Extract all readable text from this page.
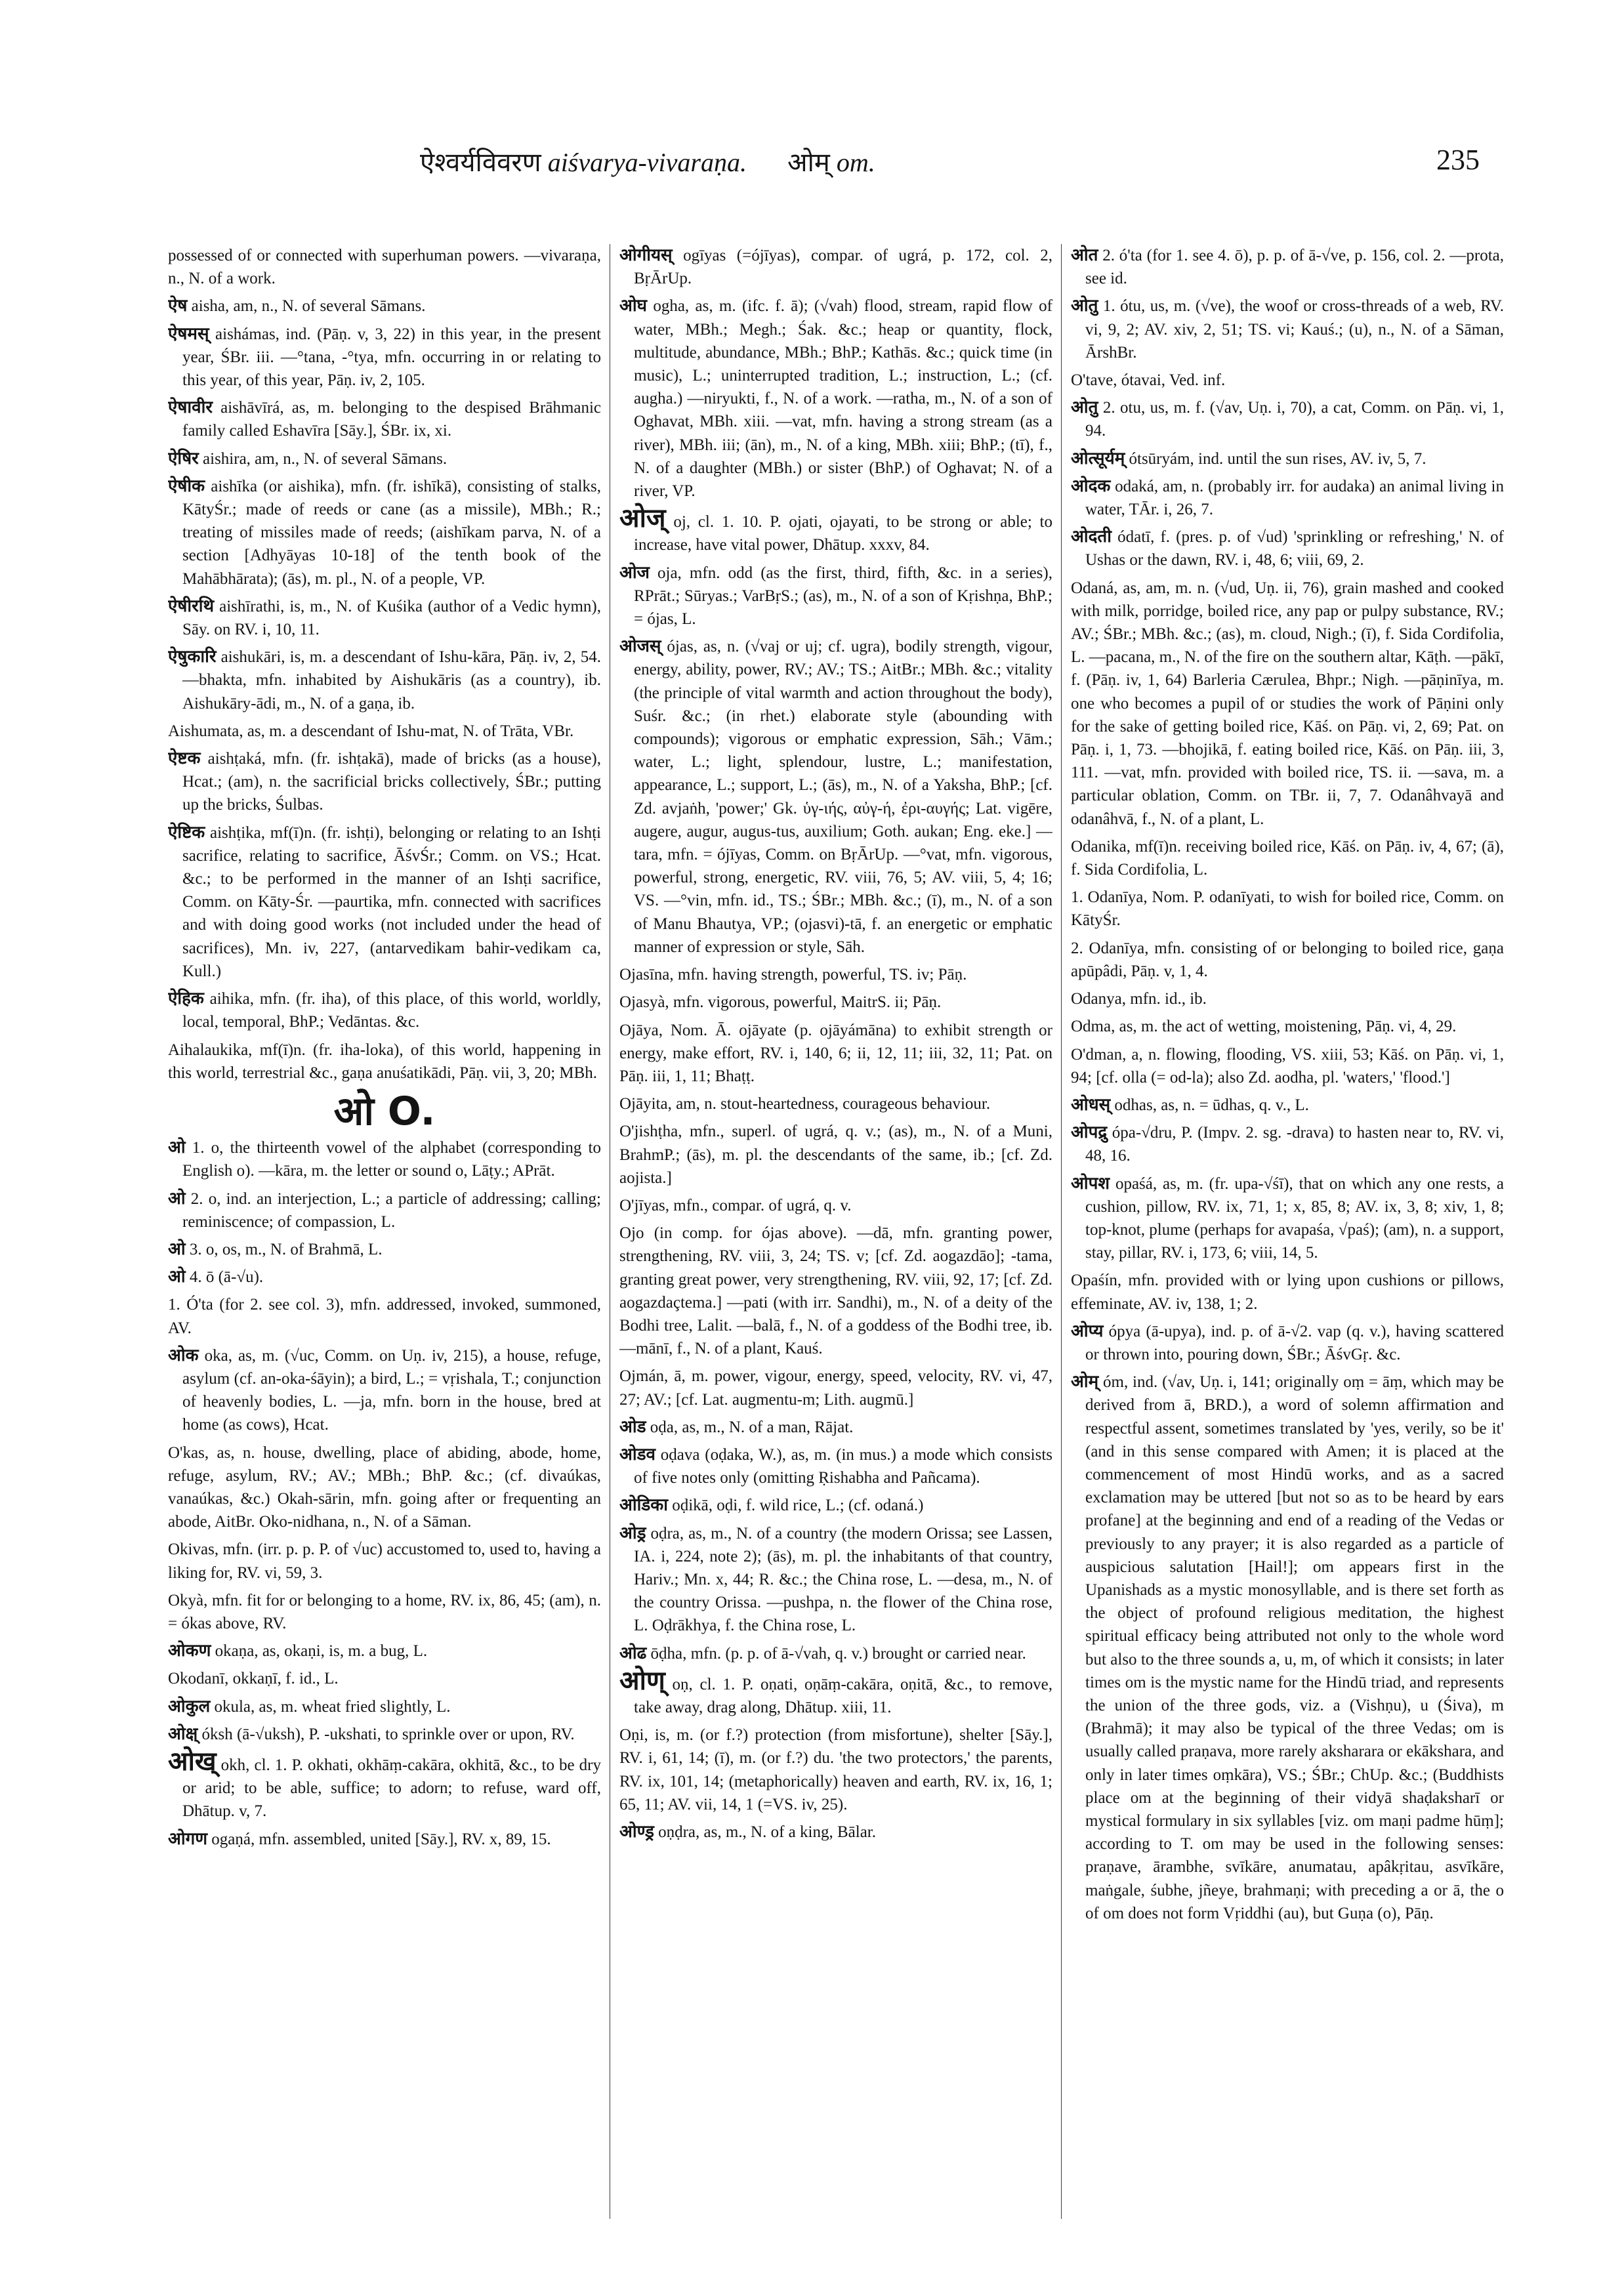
ऐश्वर्यविवरण aiśvarya-vivaraṇa. ओम् om.	235
possessed of or connected with superhuman powers. —vivaraṇa, n., N. of a work.
ऐष aisha, am, n., N. of several Sāmans.
ऐषमस् aishámas, ind. (Pāṇ. v, 3, 22) in this year, in the present year, ŚBr. iii. —°tana, -°tya, mfn. occurring in or relating to this year, of this year, Pāṇ. iv, 2, 105.
ऐषावीर aishāvīrá, as, m. belonging to the despised Brāhmanic family called Eshavīra [Sāy.], ŚBr. ix, xi.
ऐषिर aishira, am, n., N. of several Sāmans.
ऐषीक aishīka (or aishika), mfn. (fr. ishīkā), consisting of stalks, KātyŚr.; made of reeds or cane (as a missile), MBh.; R.; treating of missiles made of reeds; (aishīkam parva, N. of a section [Adhyāyas 10-18] of the tenth book of the Mahābhārata); (ās), m. pl., N. of a people, VP.
ऐषीरथि aishīrathi, is, m., N. of Kuśika (author of a Vedic hymn), Sāy. on RV. i, 10, 11.
ऐषुकारि aishukāri, is, m. a descendant of Ishu-kāra, Pāṇ. iv, 2, 54. —bhakta, mfn. inhabited by Aishukāris (as a country), ib. Aishukāry-ādi, m., N. of a gaṇa, ib.
Aishumata, as, m. a descendant of Ishu-mat, N. of Trāta, VBr.
ऐष्टक aishṭaká, mfn. (fr. ishṭakā), made of bricks (as a house), Hcat.; (am), n. the sacrificial bricks collectively, ŚBr.; putting up the bricks, Śulbas.
ऐष्टिक aishṭika, mf(ī)n. (fr. ishṭi), belonging or relating to an Ishṭi sacrifice, relating to sacrifice, ĀśvŚr.; Comm. on VS.; Hcat. &c.; to be performed in the manner of an Ishṭi sacrifice, Comm. on Kāty-Śr. —paurtika, mfn. connected with sacrifices and with doing good works (not included under the head of sacrifices), Mn. iv, 227, (antarvedikam bahir-vedikam ca, Kull.)
ऐहिक aihika, mfn. (fr. iha), of this place, of this world, worldly, local, temporal, BhP.; Vedāntas. &c.
Aihalaukika, mf(ī)n. (fr. iha-loka), of this world, happening in this world, terrestrial &c., gaṇa anuśatikādi, Pāṇ. vii, 3, 20; MBh.
ओ O.
ओ 1. o, the thirteenth vowel of the alphabet (corresponding to English o). —kāra, m. the letter or sound o, Lāṭy.; APrāt.
ओ 2. o, ind. an interjection, L.; a particle of addressing; calling; reminiscence; of compassion, L.
ओ 3. o, os, m., N. of Brahmā, L.
ओ 4. ō (ā-√u).
1. Ó'ta (for 2. see col. 3), mfn. addressed, invoked, summoned, AV.
ओक oka, as, m. (√uc, Comm. on Uṇ. iv, 215), a house, refuge, asylum (cf. an-oka-śāyin); a bird, L.; = vṛishala, T.; conjunction of heavenly bodies, L. —ja, mfn. born in the house, bred at home (as cows), Hcat.
O'kas, as, n. house, dwelling, place of abiding, abode, home, refuge, asylum, RV.; AV.; MBh.; BhP. &c.; (cf. divaúkas, vanaúkas, &c.) Okah-sārin, mfn. going after or frequenting an abode, AitBr. Oko-nidhana, n., N. of a Sāman.
Okivas, mfn. (irr. p. p. P. of √uc) accustomed to, used to, having a liking for, RV. vi, 59, 3.
Okyà, mfn. fit for or belonging to a home, RV. ix, 86, 45; (am), n. = ókas above, RV.
ओकण okaṇa, as, okaṇi, is, m. a bug, L.
Okodanī, okkaṇī, f. id., L.
ओकुल okula, as, m. wheat fried slightly, L.
ओक्ष् óksh (ā-√uksh), P. -ukshati, to sprinkle over or upon, RV.
ओख् okh, cl. 1. P. okhati, okhāṃ-cakāra, okhitā, &c., to be dry or arid; to be able, suffice; to adorn; to refuse, ward off, Dhātup. v, 7.
ओगण ogaṇá, mfn. assembled, united [Sāy.], RV. x, 89, 15.
ओगीयस् ogīyas (=ójīyas), compar. of ugrá, p. 172, col. 2, BṛĀrUp.
ओघ ogha, as, m. (ifc. f. ā); (√vah) flood, stream, rapid flow of water, MBh.; Megh.; Śak. &c.; heap or quantity, flock, multitude, abundance, MBh.; BhP.; Kathās. &c.; quick time (in music), L.; uninterrupted tradition, L.; instruction, L.; (cf. augha.) —niryukti, f., N. of a work. —ratha, m., N. of a son of Oghavat, MBh. xiii. —vat, mfn. having a strong stream (as a river), MBh. iii; (ān), m., N. of a king, MBh. xiii; BhP.; (tī), f., N. of a daughter (MBh.) or sister (BhP.) of Oghavat; N. of a river, VP.
ओज् oj, cl. 1. 10. P. ojati, ojayati, to be strong or able; to increase, have vital power, Dhātup. xxxv, 84.
ओज oja, mfn. odd (as the first, third, fifth, &c. in a series), RPrāt.; Sūryas.; VarBṛS.; (as), m., N. of a son of Kṛishṇa, BhP.; = ójas, L.
ओजस् ójas, as, n. (√vaj or uj; cf. ugra), bodily strength, vigour, energy, ability, power, RV.; AV.; TS.; AitBr.; MBh. &c.; vitality (the principle of vital warmth and action throughout the body), Suśr. &c.; (in rhet.) elaborate style (abounding with compounds); vigorous or emphatic expression, Sāh.; Vām.; water, L.; light, splendour, lustre, L.; manifestation, appearance, L.; support, L.; (ās), m., N. of a Yaksha, BhP.; [cf. Zd. avjaṅh, 'power;' Gk. ὑγ-ιής, αὐγ-ή, ἐρι-αυγής; Lat. vigēre, augere, augur, augus-tus, auxilium; Goth. aukan; Eng. eke.] —tara, mfn. = ójīyas, Comm. on BṛĀrUp. —°vat, mfn. vigorous, powerful, strong, energetic, RV. viii, 76, 5; AV. viii, 5, 4; 16; VS. —°vin, mfn. id., TS.; ŚBr.; MBh. &c.; (ī), m., N. of a son of Manu Bhautya, VP.; (ojasvi)-tā, f. an energetic or emphatic manner of expression or style, Sāh.
Ojasīna, mfn. having strength, powerful, TS. iv; Pāṇ.
Ojasyà, mfn. vigorous, powerful, MaitrS. ii; Pāṇ.
Ojāya, Nom. Ā. ojāyate (p. ojāyámāna) to exhibit strength or energy, make effort, RV. i, 140, 6; ii, 12, 11; iii, 32, 11; Pat. on Pāṇ. iii, 1, 11; Bhaṭṭ.
Ojāyita, am, n. stout-heartedness, courageous behaviour.
O'jishṭha, mfn., superl. of ugrá, q. v.; (as), m., N. of a Muni, BrahmP.; (ās), m. pl. the descendants of the same, ib.; [cf. Zd. aojista.]
O'jīyas, mfn., compar. of ugrá, q. v.
Ojo (in comp. for ójas above). —dā, mfn. granting power, strengthening, RV. viii, 3, 24; TS. v; [cf. Zd. aogazdāo]; -tama, granting great power, very strengthening, RV. viii, 92, 17; [cf. Zd. aogazdaçtema.] —pati (with irr. Sandhi), m., N. of a deity of the Bodhi tree, Lalit. —balā, f., N. of a goddess of the Bodhi tree, ib. —mānī, f., N. of a plant, Kauś.
Ojmán, ā, m. power, vigour, energy, speed, velocity, RV. vi, 47, 27; AV.; [cf. Lat. augmentu-m; Lith. augmū.]
ओड oḍa, as, m., N. of a man, Rājat.
ओडव oḍava (oḍaka, W.), as, m. (in mus.) a mode which consists of five notes only (omitting Ṛishabha and Pañcama).
ओडिका oḍikā, oḍi, f. wild rice, L.; (cf. odaná.)
ओड्र oḍra, as, m., N. of a country (the modern Orissa; see Lassen, IA. i, 224, note 2); (ās), m. pl. the inhabitants of that country, Hariv.; Mn. x, 44; R. &c.; the China rose, L. —desa, m., N. of the country Orissa. —pushpa, n. the flower of the China rose, L. Oḍrākhya, f. the China rose, L.
ओढ ōḍha, mfn. (p. p. of ā-√vah, q. v.) brought or carried near.
ओण् oṇ, cl. 1. P. oṇati, oṇāṃ-cakāra, oṇitā, &c., to remove, take away, drag along, Dhātup. xiii, 11.
Oṇi, is, m. (or f.?) protection (from misfortune), shelter [Sāy.], RV. i, 61, 14; (ī), m. (or f.?) du. 'the two protectors,' the parents, RV. ix, 101, 14; (metaphorically) heaven and earth, RV. ix, 16, 1; 65, 11; AV. vii, 14, 1 (=VS. iv, 25).
ओण्ड्र oṇḍra, as, m., N. of a king, Bālar.
ओत 2. ó'ta (for 1. see 4. ō), p. p. of ā-√ve, p. 156, col. 2. —prota, see id.
ओतु 1. ótu, us, m. (√ve), the woof or cross-threads of a web, RV. vi, 9, 2; AV. xiv, 2, 51; TS. vi; Kauś.; (u), n., N. of a Sāman, ĀrshBr.
O'tave, ótavai, Ved. inf.
ओतु 2. otu, us, m. f. (√av, Uṇ. i, 70), a cat, Comm. on Pāṇ. vi, 1, 94.
ओत्सूर्यम् ótsūryám, ind. until the sun rises, AV. iv, 5, 7.
ओदक odaká, am, n. (probably irr. for audaka) an animal living in water, TĀr. i, 26, 7.
ओदती ódatī, f. (pres. p. of √ud) 'sprinkling or refreshing,' N. of Ushas or the dawn, RV. i, 48, 6; viii, 69, 2.
Odaná, as, am, m. n. (√ud, Uṇ. ii, 76), grain mashed and cooked with milk, porridge, boiled rice, any pap or pulpy substance, RV.; AV.; ŚBr.; MBh. &c.; (as), m. cloud, Nigh.; (ī), f. Sida Cordifolia, L. —pacana, m., N. of the fire on the southern altar, Kāṭh. —pākī, f. (Pāṇ. iv, 1, 64) Barleria Cærulea, Bhpr.; Nigh. —pāṇinīya, m. one who becomes a pupil of or studies the work of Pāṇini only for the sake of getting boiled rice, Kāś. on Pāṇ. vi, 2, 69; Pat. on Pāṇ. i, 1, 73. —bhojikā, f. eating boiled rice, Kāś. on Pāṇ. iii, 3, 111. —vat, mfn. provided with boiled rice, TS. ii. —sava, m. a particular oblation, Comm. on TBr. ii, 7, 7. Odanâhvayā and odanâhvā, f., N. of a plant, L.
Odanika, mf(ī)n. receiving boiled rice, Kāś. on Pāṇ. iv, 4, 67; (ā), f. Sida Cordifolia, L.
1. Odanīya, Nom. P. odanīyati, to wish for boiled rice, Comm. on KātyŚr.
2. Odanīya, mfn. consisting of or belonging to boiled rice, gaṇa apūpâdi, Pāṇ. v, 1, 4.
Odanya, mfn. id., ib.
Odma, as, m. the act of wetting, moistening, Pāṇ. vi, 4, 29.
O'dman, a, n. flowing, flooding, VS. xiii, 53; Kāś. on Pāṇ. vi, 1, 94; [cf. olla (= od-la); also Zd. aodha, pl. 'waters,' 'flood.']
ओधस् odhas, as, n. = ūdhas, q. v., L.
ओपद्रु ópa-√dru, P. (Impv. 2. sg. -drava) to hasten near to, RV. vi, 48, 16.
ओपश opaśá, as, m. (fr. upa-√śī), that on which any one rests, a cushion, pillow, RV. ix, 71, 1; x, 85, 8; AV. ix, 3, 8; xiv, 1, 8; top-knot, plume (perhaps for avapaśa, √paś); (am), n. a support, stay, pillar, RV. i, 173, 6; viii, 14, 5.
Opaśín, mfn. provided with or lying upon cushions or pillows, effeminate, AV. iv, 138, 1; 2.
ओप्य ópya (ā-upya), ind. p. of ā-√2. vap (q. v.), having scattered or thrown into, pouring down, ŚBr.; ĀśvGṛ. &c.
ओम् óm, ind. (√av, Uṇ. i, 141; originally oṃ = āṃ, which may be derived from ā, BRD.), a word of solemn affirmation and respectful assent, sometimes translated by 'yes, verily, so be it' (and in this sense compared with Amen; it is placed at the commencement of most Hindū works, and as a sacred exclamation may be uttered [but not so as to be heard by ears profane] at the beginning and end of a reading of the Vedas or previously to any prayer; it is also regarded as a particle of auspicious salutation [Hail!]; om appears first in the Upanishads as a mystic monosyllable, and is there set forth as the object of profound religious meditation, the highest spiritual efficacy being attributed not only to the whole word but also to the three sounds a, u, m, of which it consists; in later times om is the mystic name for the Hindū triad, and represents the union of the three gods, viz. a (Vishṇu), u (Śiva), m (Brahmā); it may also be typical of the three Vedas; om is usually called praṇava, more rarely aksharara or ekākshara, and only in later times oṃkāra), VS.; ŚBr.; ChUp. &c.; (Buddhists place om at the beginning of their vidyā shaḍaksharī or mystical formulary in six syllables [viz. om maṇi padme hūṃ]; according to T. om may be used in the following senses: praṇave, ārambhe, svīkāre, anumatau, apâkṛitau, asvīkāre, maṅgale, śubhe, jñeye, brahmaṇi; with preceding a or ā, the o of om does not form Vṛiddhi (au), but Guṇa (o), Pāṇ.
